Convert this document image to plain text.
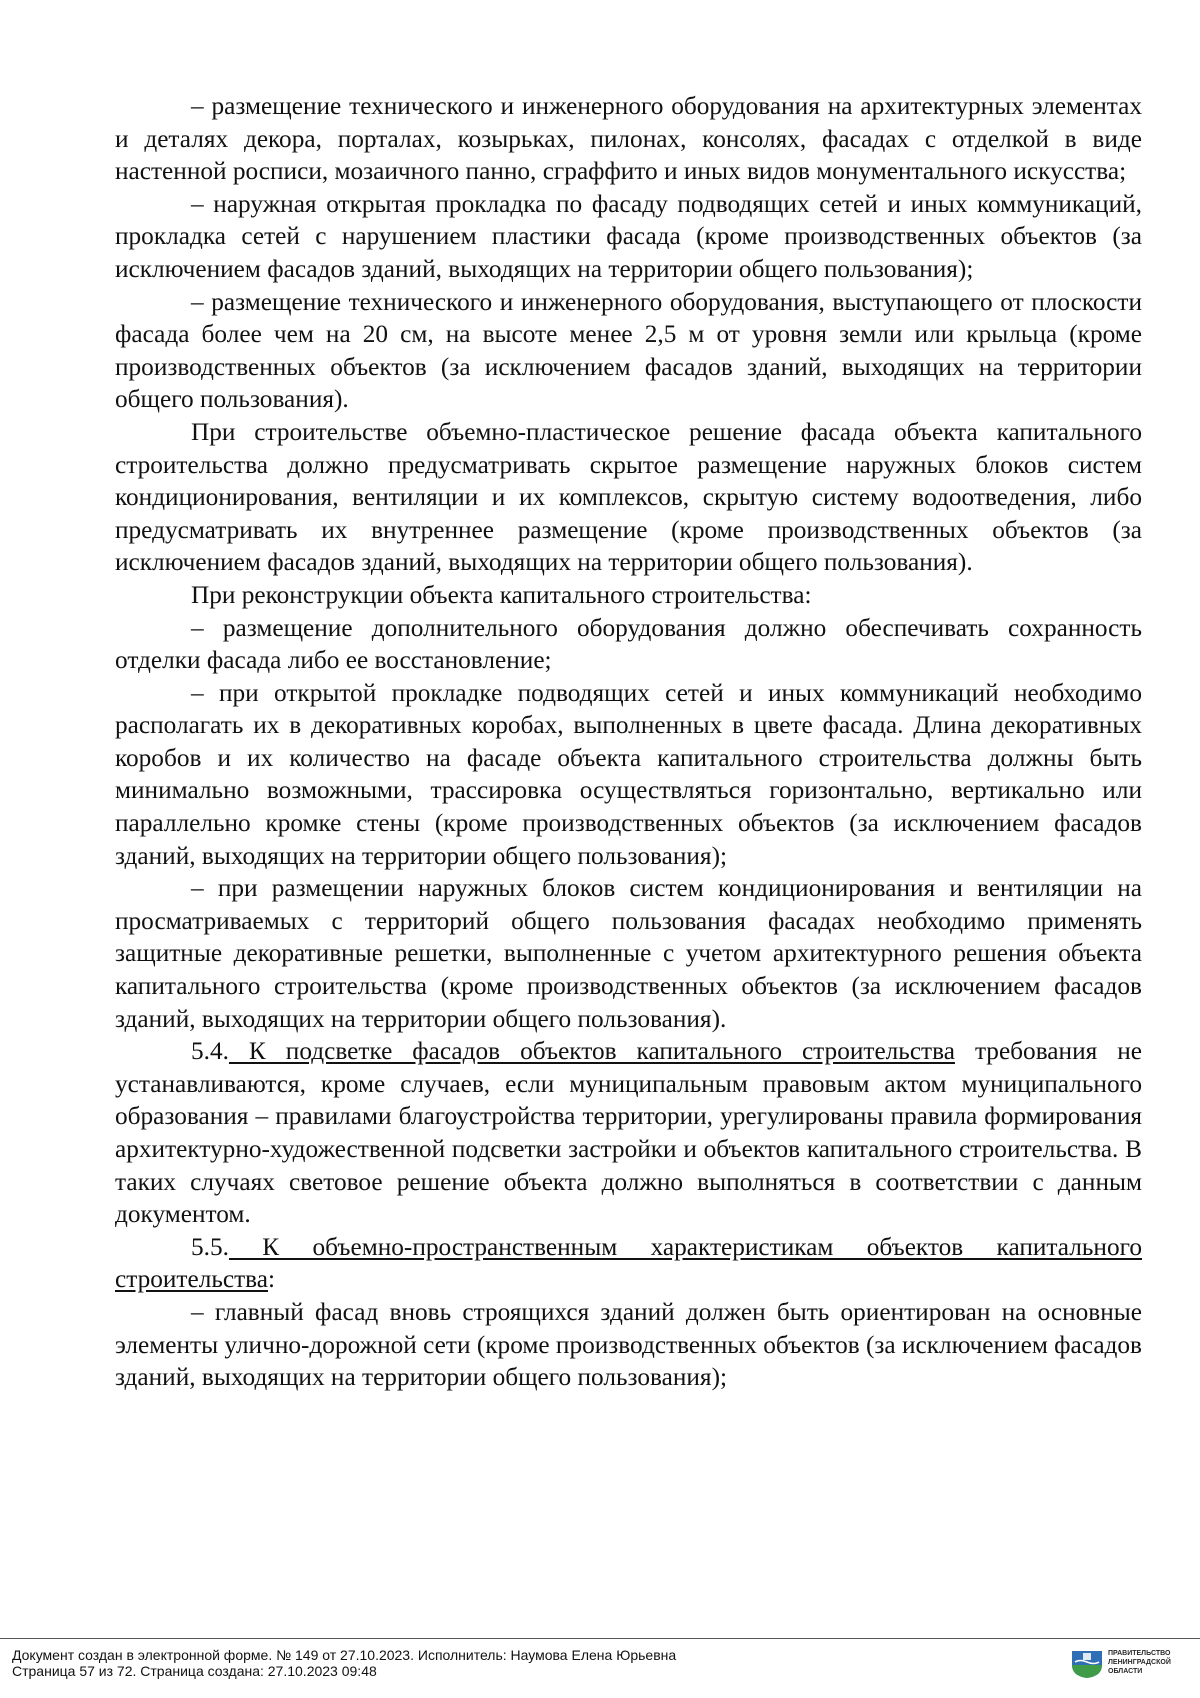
– размещение технического и инженерного оборудования на архитектурных элементах и деталях декора, порталах, козырьках, пилонах, консолях, фасадах с отделкой в виде настенной росписи, мозаичного панно, сграффито и иных видов монументального искусства;

– наружная открытая прокладка по фасаду подводящих сетей и иных коммуникаций, прокладка сетей с нарушением пластики фасада (кроме производственных объектов (за исключением фасадов зданий, выходящих на территории общего пользования);

– размещение технического и инженерного оборудования, выступающего от плоскости фасада более чем на 20 см, на высоте менее 2,5 м от уровня земли или крыльца (кроме производственных объектов (за исключением фасадов зданий, выходящих на территории общего пользования).

При строительстве объемно-пластическое решение фасада объекта капитального строительства должно предусматривать скрытое размещение наружных блоков систем кондиционирования, вентиляции и их комплексов, скрытую систему водоотведения, либо предусматривать их внутреннее размещение (кроме производственных объектов (за исключением фасадов зданий, выходящих на территории общего пользования).

При реконструкции объекта капитального строительства:

– размещение дополнительного оборудования должно обеспечивать сохранность отделки фасада либо ее восстановление;

– при открытой прокладке подводящих сетей и иных коммуникаций необходимо располагать их в декоративных коробах, выполненных в цвете фасада. Длина декоративных коробов и их количество на фасаде объекта капитального строительства должны быть минимально возможными, трассировка осуществляться горизонтально, вертикально или параллельно кромке стены (кроме производственных объектов (за исключением фасадов зданий, выходящих на территории общего пользования);

– при размещении наружных блоков систем кондиционирования и вентиляции на просматриваемых с территорий общего пользования фасадах необходимо применять защитные декоративные решетки, выполненные с учетом архитектурного решения объекта капитального строительства (кроме производственных объектов (за исключением фасадов зданий, выходящих на территории общего пользования).

5.4. К подсветке фасадов объектов капитального строительства требования не устанавливаются, кроме случаев, если муниципальным правовым актом муниципального образования – правилами благоустройства территории, урегулированы правила формирования архитектурно-художественной подсветки застройки и объектов капитального строительства. В таких случаях световое решение объекта должно выполняться в соответствии с данным документом.

5.5. К объемно-пространственным характеристикам объектов капитального строительства:

– главный фасад вновь строящихся зданий должен быть ориентирован на основные элементы улично-дорожной сети (кроме производственных объектов (за исключением фасадов зданий, выходящих на территории общего пользования);

Документ создан в электронной форме. № 149 от 27.10.2023. Исполнитель: Наумова Елена Юрьевна
Страница 57 из 72. Страница создана: 27.10.2023 09:48
ПРАВИТЕЛЬСТВО
ЛЕНИНГРАДСКОЙ
ОБЛАСТИ
